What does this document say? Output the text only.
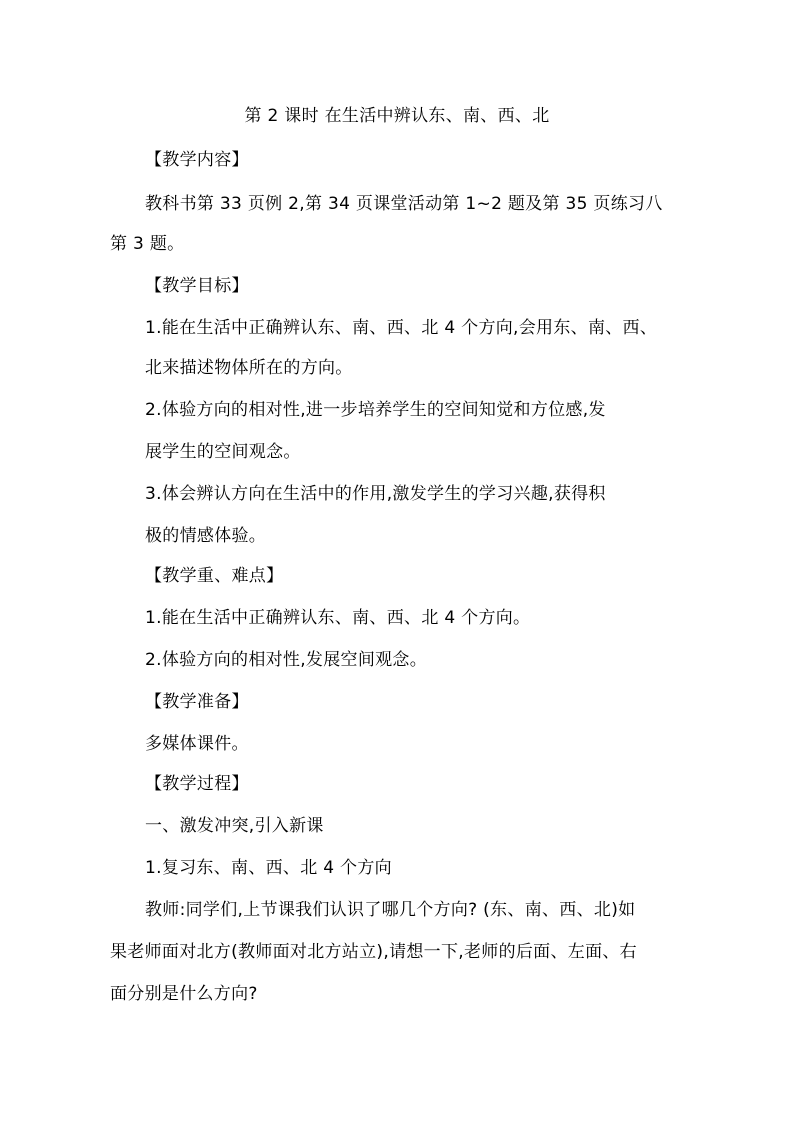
第 2 课时 在生活中辨认东、南、西、北
【教学内容】
教科书第 33 页例 2,第 34 页课堂活动第 1~2 题及第 35 页练习八
第 3 题。
【教学目标】
1.能在生活中正确辨认东、南、西、北 4 个方向,会用东、南、西、
北来描述物体所在的方向。
2.体验方向的相对性,进一步培养学生的空间知觉和方位感,发
展学生的空间观念。
3.体会辨认方向在生活中的作用,激发学生的学习兴趣,获得积
极的情感体验。
【教学重、难点】
1.能在生活中正确辨认东、南、西、北 4 个方向。
2.体验方向的相对性,发展空间观念。
【教学准备】
多媒体课件。
【教学过程】
一、激发冲突,引入新课
1.复习东、南、西、北 4 个方向
教师:同学们,上节课我们认识了哪几个方向? (东、南、西、北)如
果老师面对北方(教师面对北方站立),请想一下,老师的后面、左面、右
面分别是什么方向?
